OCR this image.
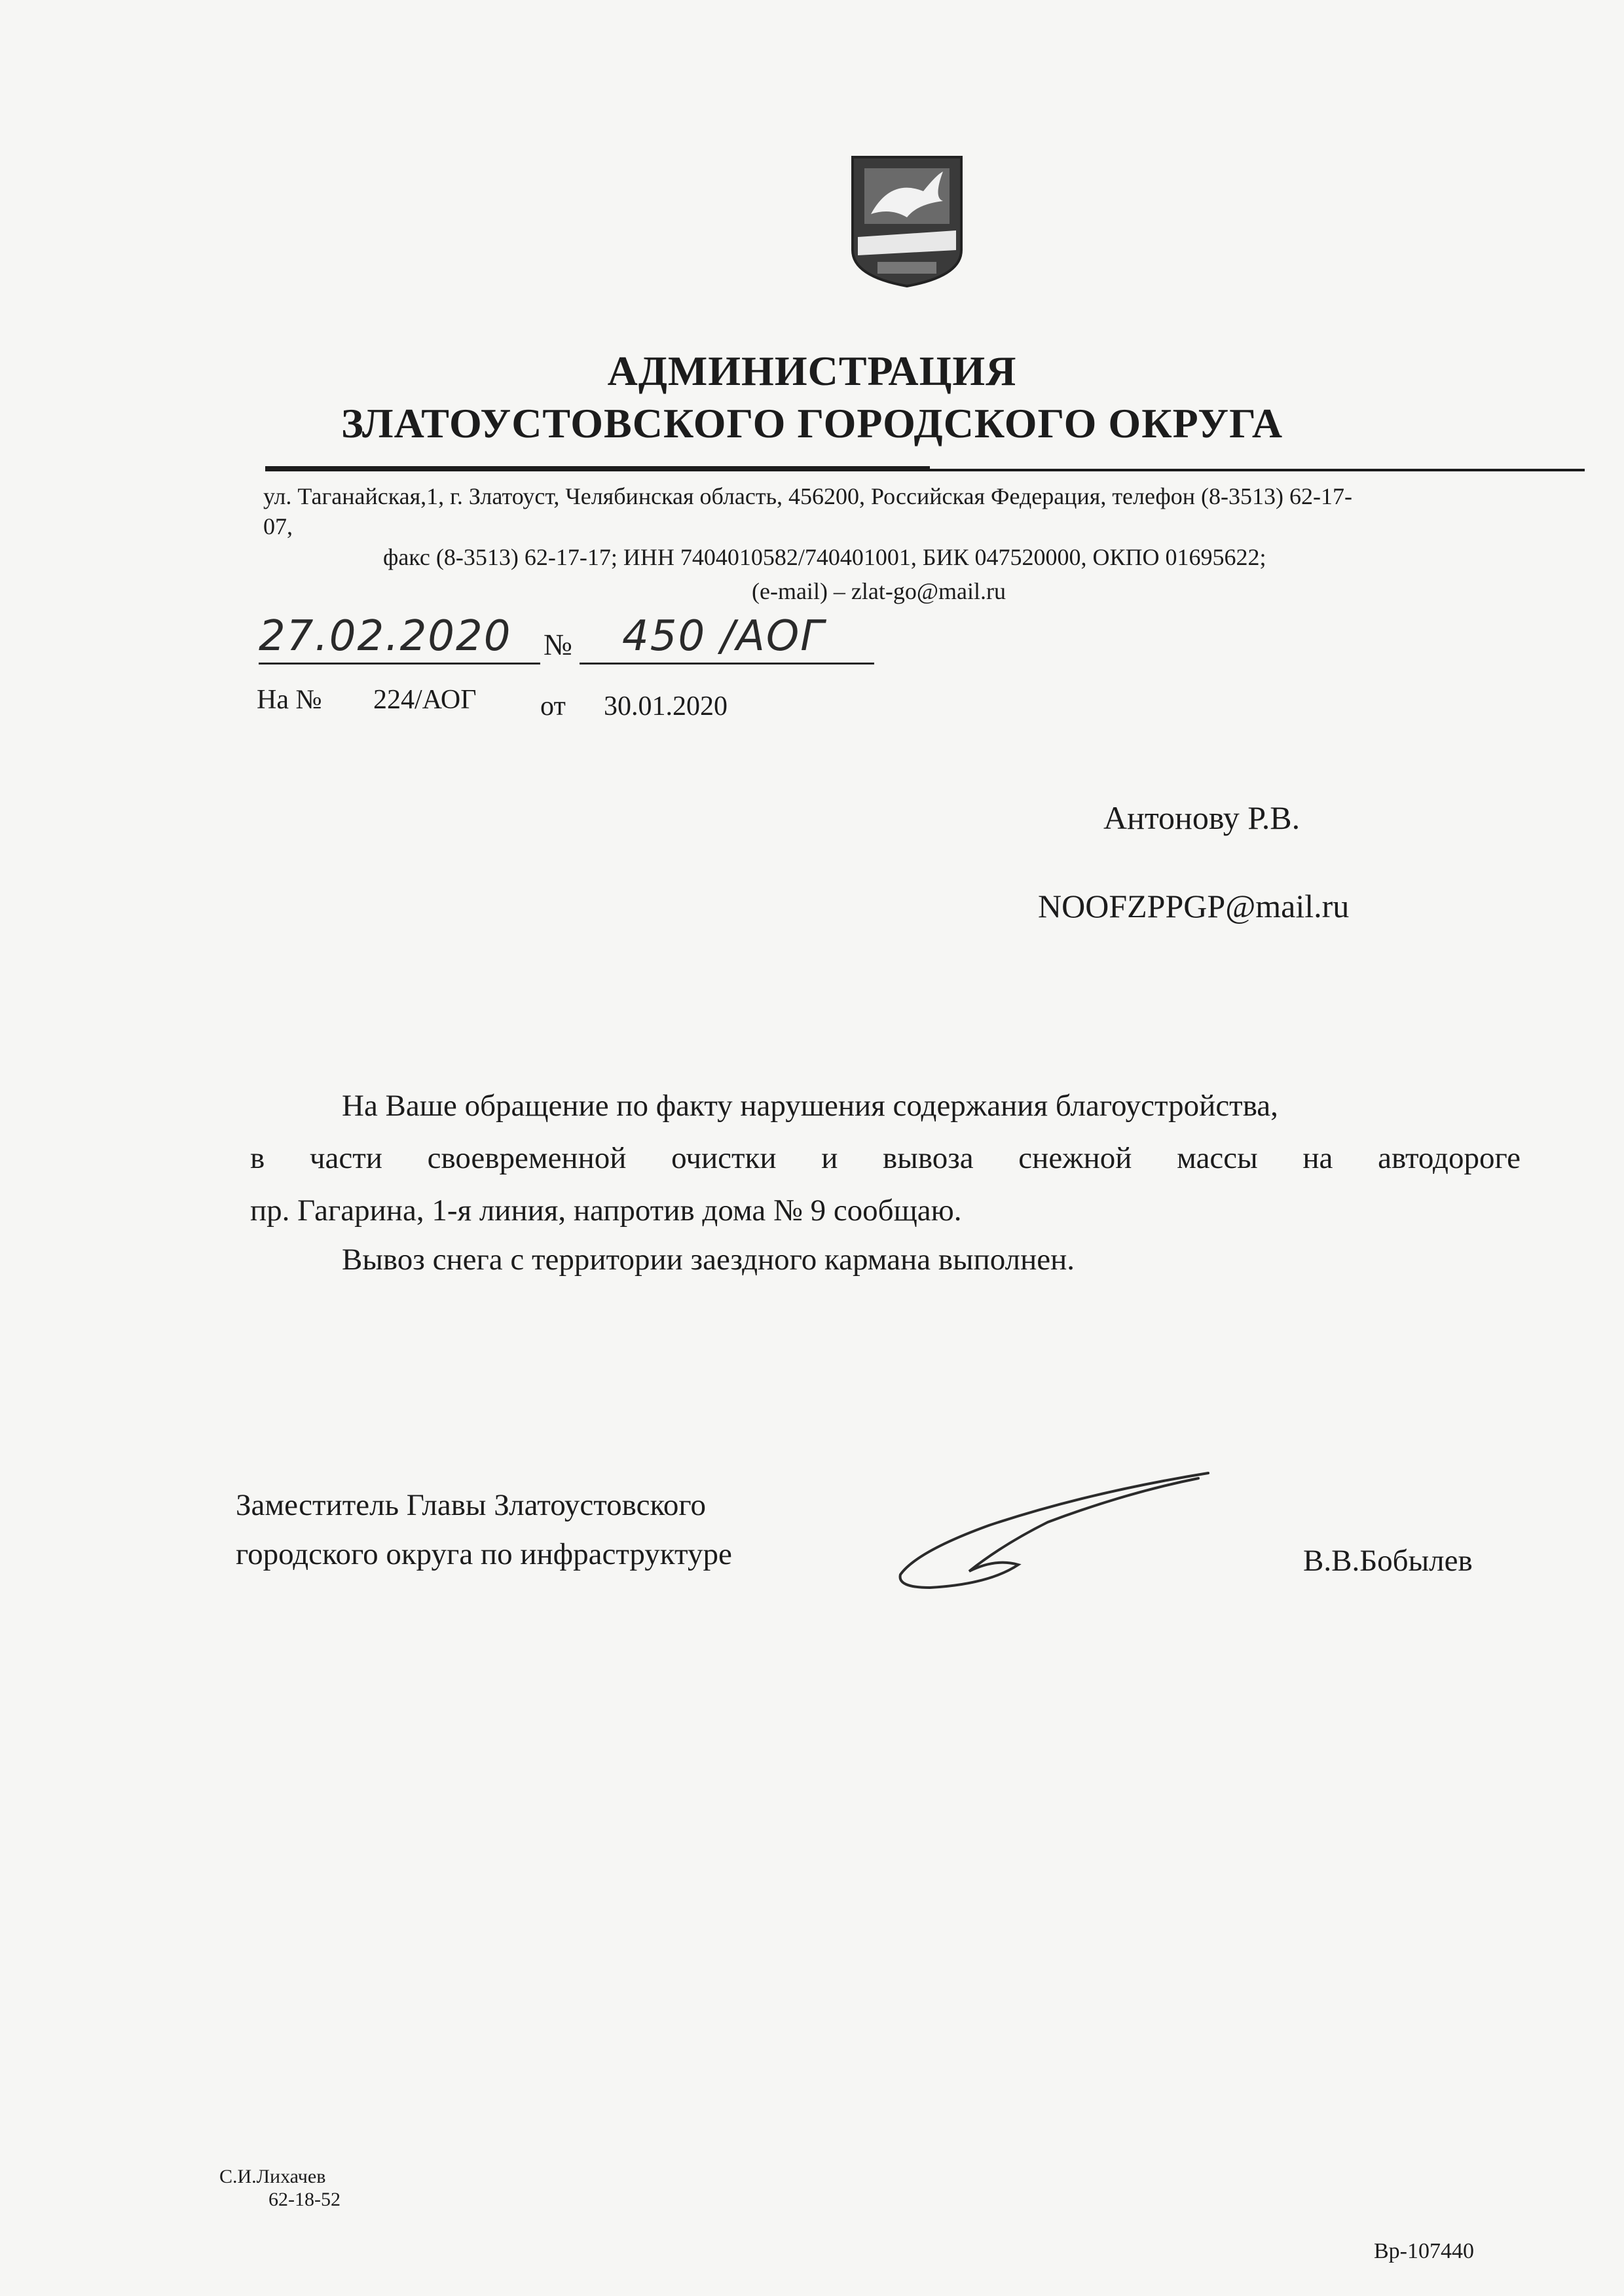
АДМИНИСТРАЦИЯ
ЗЛАТОУСТОВСКОГО ГОРОДСКОГО ОКРУГА
ул. Таганайская,1, г. Златоуст, Челябинская область, 456200, Российская Федерация, телефон (8-3513) 62-17-
07,
факс (8-3513) 62-17-17; ИНН 7404010582/740401001, БИК 047520000, ОКПО 01695622;
(e-mail) – zlat-go@mail.ru
27.02.2020 № 450 /АОГ
На № 224/АОГ от 30.01.2020
Антонову Р.В.
NOOFZPPGP@mail.ru
На Ваше обращение по факту нарушения содержания благоустройства,
в части своевременной очистки и вывоза снежной массы на автодороге
пр. Гагарина, 1-я линия, напротив дома № 9 сообщаю.
Вывоз снега с территории заездного кармана выполнен.
Заместитель Главы Златоустовского
городского округа по инфраструктуре	В.В.Бобылев
С.И.Лихачев
62-18-52
Вр-107440
